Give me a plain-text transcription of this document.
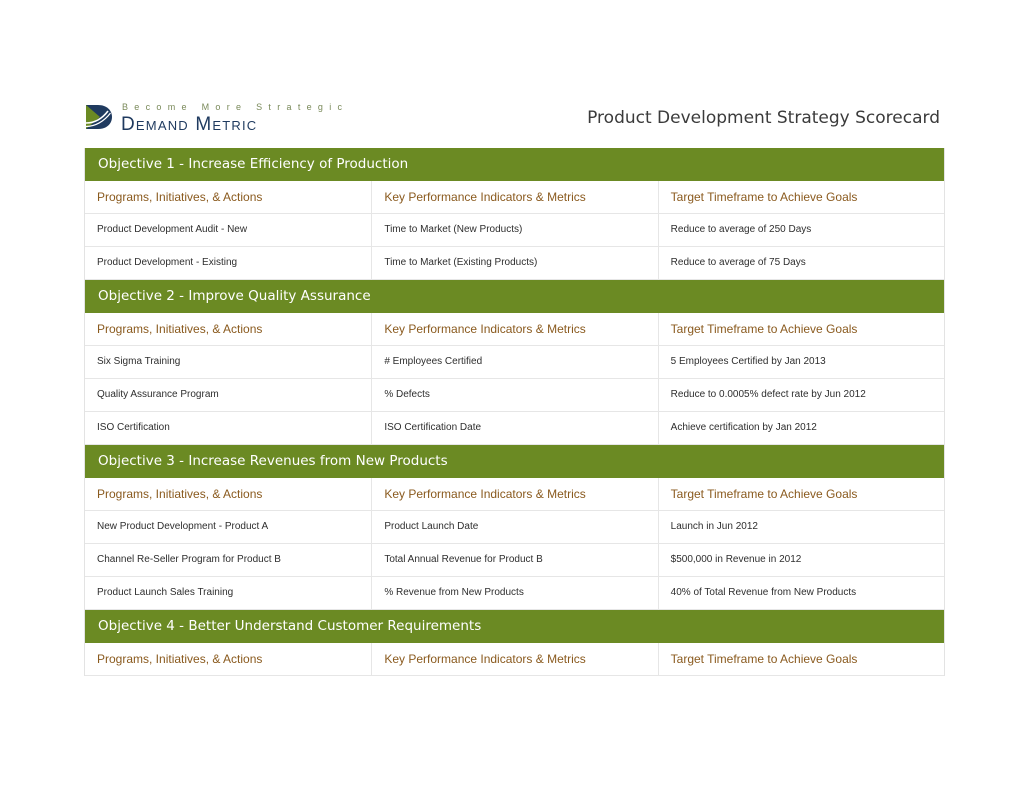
Become More Strategic
Demand Metric	Product Development Strategy Scorecard
Objective 1 - Increase Efficiency of Production
Programs, Initiatives, & Actions	Key Performance Indicators & Metrics	Target Timeframe to Achieve Goals
Product Development Audit - New	Time to Market (New Products)	Reduce to average of 250 Days
Product Development - Existing	Time to Market (Existing Products)	Reduce to average of 75 Days
Objective 2 - Improve Quality Assurance
Programs, Initiatives, & Actions	Key Performance Indicators & Metrics	Target Timeframe to Achieve Goals
Six Sigma Training	# Employees Certified	5 Employees Certified by Jan 2013
Quality Assurance Program	% Defects	Reduce to 0.0005% defect rate by Jun 2012
ISO Certification	ISO Certification Date	Achieve certification by Jan 2012
Objective 3 - Increase Revenues from New Products
Programs, Initiatives, & Actions	Key Performance Indicators & Metrics	Target Timeframe to Achieve Goals
New Product Development - Product A	Product Launch Date	Launch in Jun 2012
Channel Re-Seller Program for Product B	Total Annual Revenue for Product B	$500,000 in Revenue in 2012
Product Launch Sales Training	% Revenue from New Products	40% of Total Revenue from New Products
Objective 4 - Better Understand Customer Requirements
Programs, Initiatives, & Actions	Key Performance Indicators & Metrics	Target Timeframe to Achieve Goals
